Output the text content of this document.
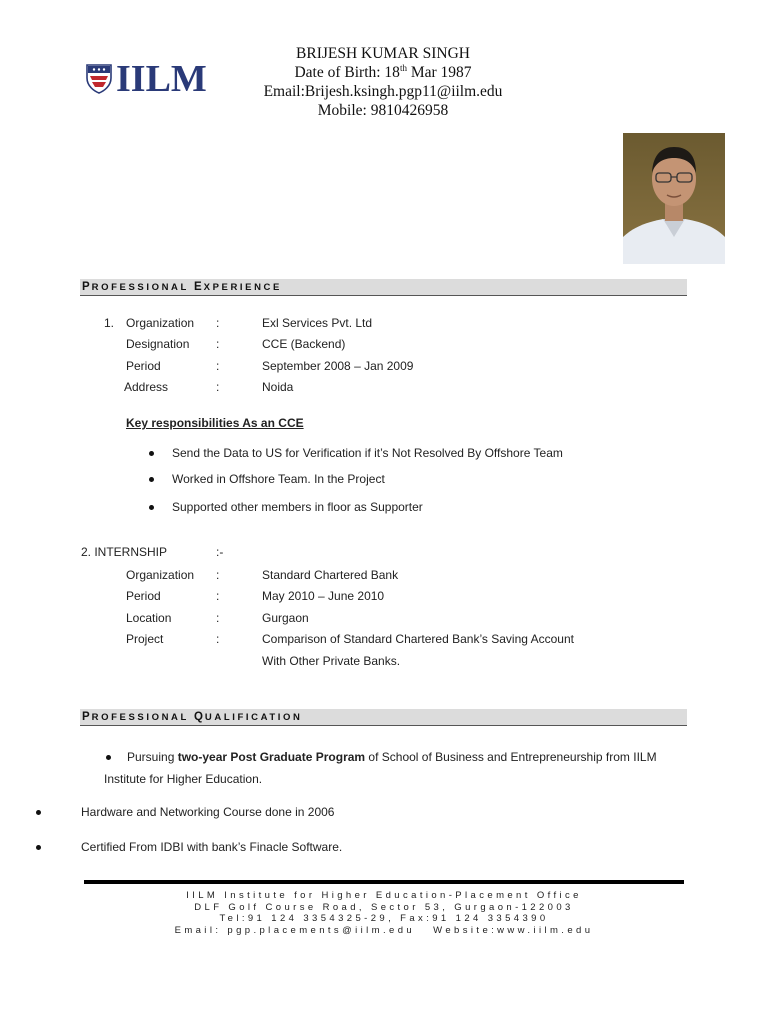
IILM
BRIJESH KUMAR SINGH
Date of Birth: 18th Mar 1987
Email:Brijesh.ksingh.pgp11@iilm.edu
Mobile: 9810426958
PROFESSIONAL EXPERIENCE
1. Organization :	Exl Services Pvt. Ltd
Designation :	CCE (Backend)
Period	:	September 2008 – Jan 2009
Address	:	Noida
Key responsibilities As an CCE
Send the Data to US for Verification if it’s Not Resolved By Offshore Team
Worked in Offshore Team. In the Project
Supported other members in floor as Supporter
2. INTERNSHIP	:-
Organization :	Standard Chartered Bank
Period	:	May 2010 – June 2010
Location	:	Gurgaon
Project	:	Comparison of Standard Chartered Bank’s Saving Account
With Other Private Banks.
PROFESSIONAL QUALIFICATION
Pursuing two-year Post Graduate Program of School of Business and Entrepreneurship from IILM
Institute for Higher Education.
Hardware and Networking Course done in 2006
Certified From IDBI with bank’s Finacle Software.
IILM Institute for Higher Education-Placement Office
DLF Golf Course Road, Sector 53, Gurgaon-122003
Tel:91 124 3354325-29, Fax:91 124 3354390
Email: pgp.placements@iilm.edu   Website:www.iilm.edu
